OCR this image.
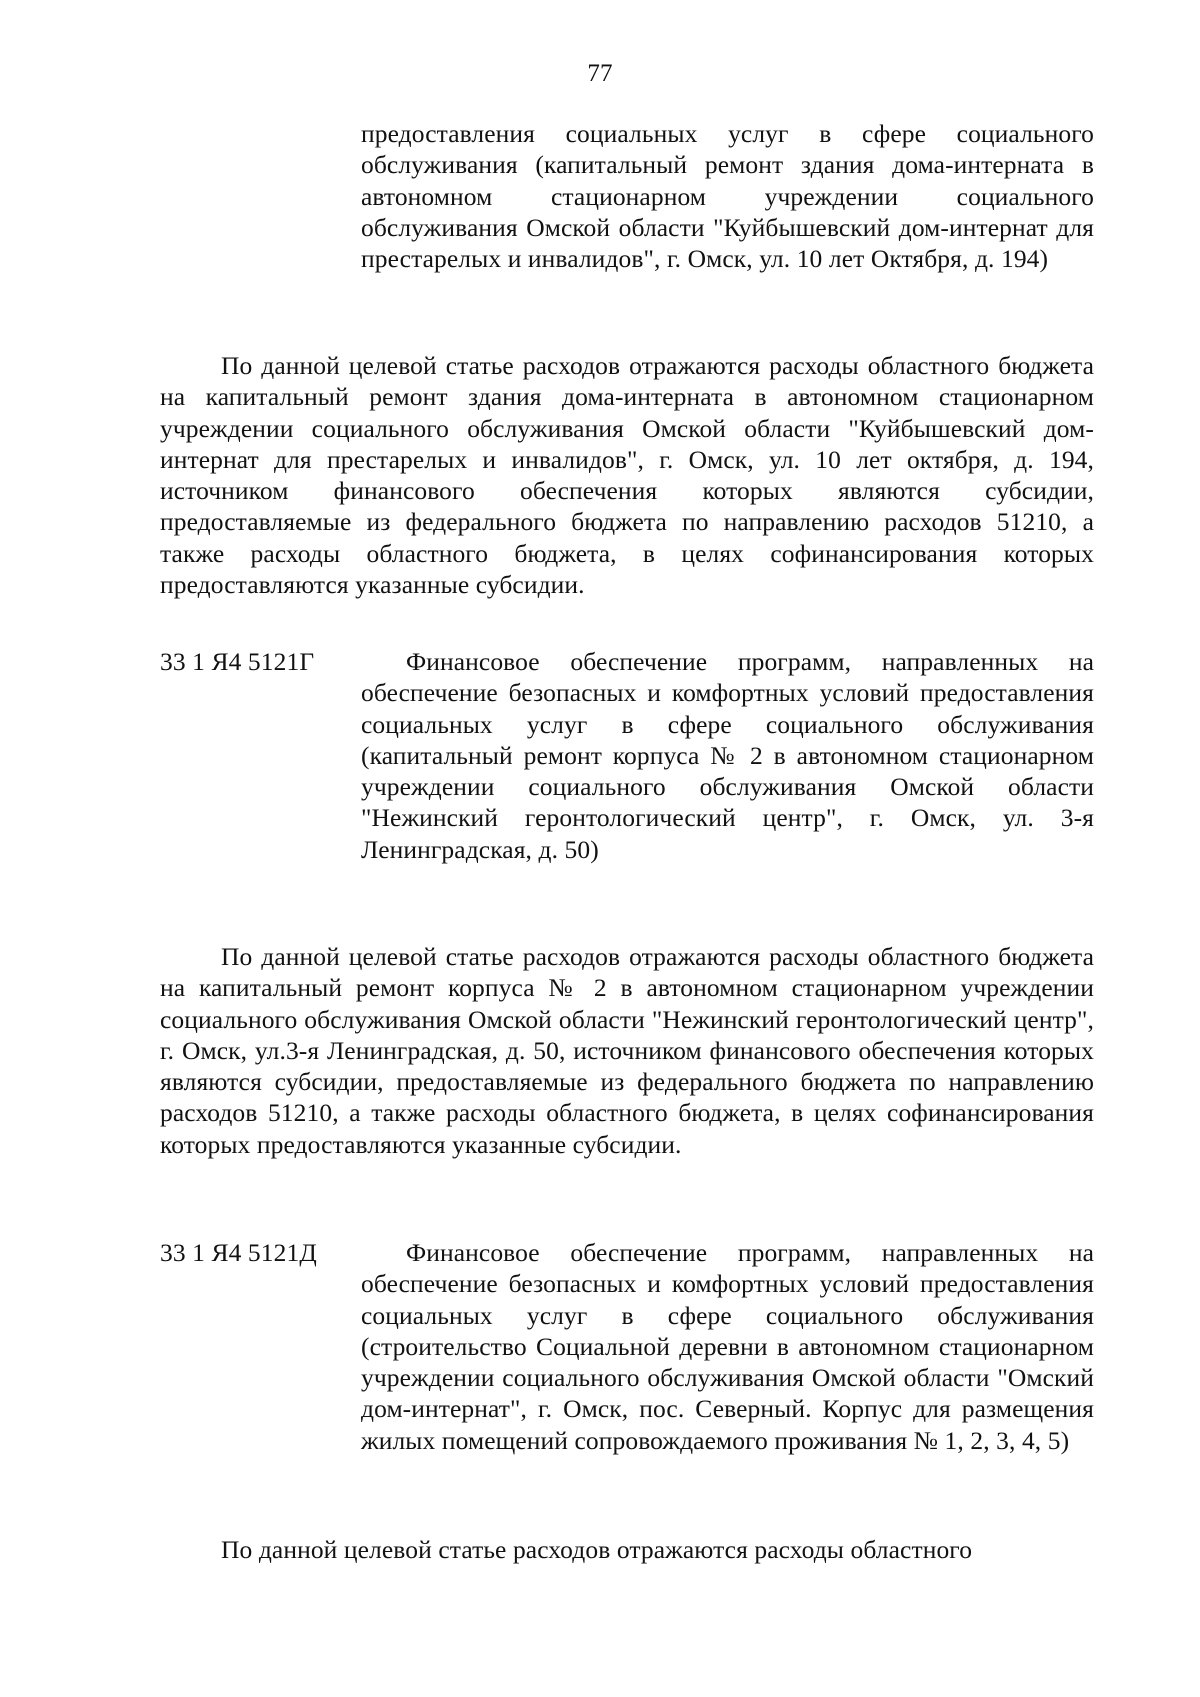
77

предоставления социальных услуг в сфере социального обслуживания (капитальный ремонт здания дома-интерната в автономном стационарном учреждении социального обслуживания Омской области "Куйбышевский дом-интернат для престарелых и инвалидов", г. Омск, ул. 10 лет Октября, д. 194)

По данной целевой статье расходов отражаются расходы областного бюджета на капитальный ремонт здания дома-интерната в автономном стационарном учреждении социального обслуживания Омской области "Куйбышевский дом-интернат для престарелых и инвалидов", г. Омск, ул. 10 лет октября, д. 194, источником финансового обеспечения которых являются субсидии, предоставляемые из федерального бюджета по направлению расходов 51210, а также расходы областного бюджета, в целях софинансирования которых предоставляются указанные субсидии.

33 1 Я4 5121Г	Финансовое обеспечение программ, направленных на обеспечение безопасных и комфортных условий предоставления социальных услуг в сфере социального обслуживания (капитальный ремонт корпуса № 2 в автономном стационарном учреждении социального обслуживания Омской области "Нежинский геронтологический центр", г. Омск, ул. 3-я Ленинградская, д. 50)

По данной целевой статье расходов отражаются расходы областного бюджета на капитальный ремонт корпуса № 2 в автономном стационарном учреждении социального обслуживания Омской области "Нежинский геронтологический центр", г. Омск, ул.3-я Ленинградская, д. 50, источником финансового обеспечения которых являются субсидии, предоставляемые из федерального бюджета по направлению расходов 51210, а также расходы областного бюджета, в целях софинансирования которых предоставляются указанные субсидии.

33 1 Я4 5121Д	Финансовое обеспечение программ, направленных на обеспечение безопасных и комфортных условий предоставления социальных услуг в сфере социального обслуживания (строительство Социальной деревни в автономном стационарном учреждении социального обслуживания Омской области "Омский дом-интернат", г. Омск, пос. Северный. Корпус для размещения жилых помещений сопровождаемого проживания № 1, 2, 3, 4, 5)

По данной целевой статье расходов отражаются расходы областного
